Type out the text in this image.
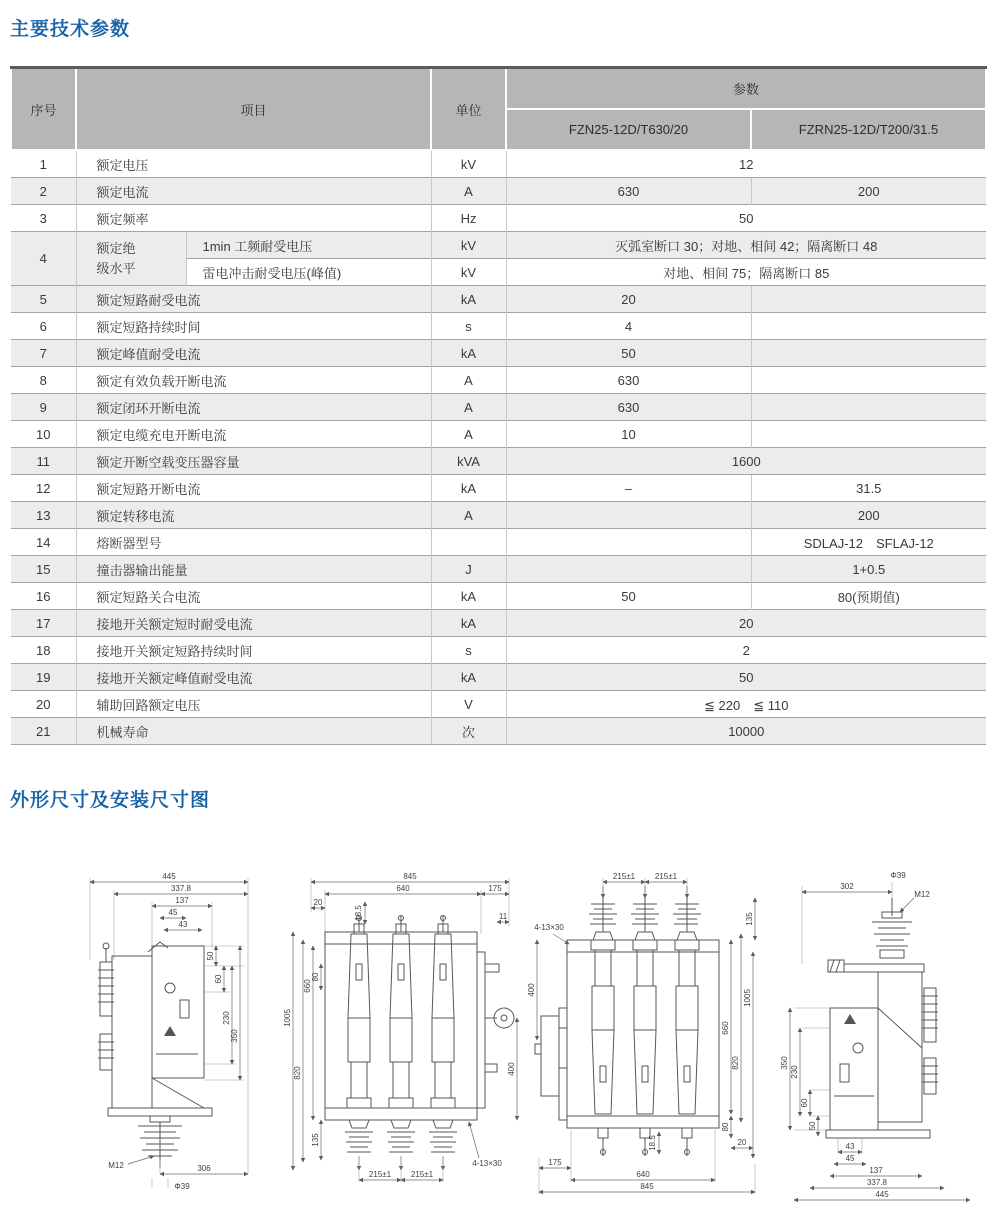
主要技术参数
序号	项目		单位	参数	
				FZN25-12D/T630/20	FZRN25-12D/T200/31.5
1	额定电压		kV	12	
2	额定电流		A	630	200
3	额定频率		Hz	50	
4	额定绝级水平	1min 工频耐受电压	kV	灭弧室断口 30；对地、相间 42；隔离断口 48	
		雷电冲击耐受电压(峰值)	kV	对地、相间 75；隔离断口 85	
5	额定短路耐受电流		kA	20	
6	额定短路持续时间		s	4	
7	额定峰值耐受电流		kA	50	
8	额定有效负载开断电流		A	630	
9	额定闭环开断电流		A	630	
10	额定电缆充电开断电流		A	10	
11	额定开断空载变压器容量		kVA	1600	
12	额定短路开断电流		kA	–	31.5
13	额定转移电流		A		200
14	熔断器型号				SDLAJ-12　SFLAJ-12
15	撞击器输出能量		J		1+0.5
16	额定短路关合电流		kA	50	80(预期值)
17	接地开关额定短时耐受电流		kA	20	
18	接地开关额定短路持续时间		s	2	
19	接地开关额定峰值耐受电流		kA	50	
20	辅助回路额定电压		V	≦ 220　≦ 110	
21	机械寿命		次	10000	
外形尺寸及安装尺寸图
445
337.8
137
45
43
50
60
230
350
M12	306
Φ39
845
640	175
20
18.5	11
1005
820
660
80
135
400
215±1 215±1
4-13×30
215±1 215±1
4-13×30
400
135
660
820
1005
80
20
18.5
175
640
845
Φ39
302
M12
350
230
60
50
43
45
137
337.8
445
